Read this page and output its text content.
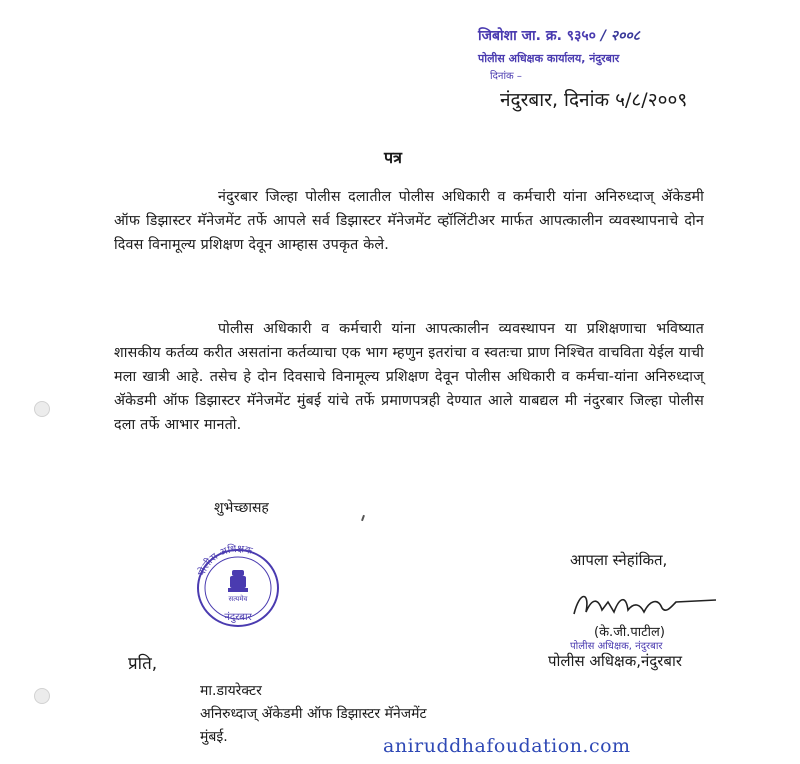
जिबोशा जा. क्र. ९३५० / २००८
पोलीस अधिक्षक कार्यालय, नंदुरबार
दिनांक –
नंदुरबार, दिनांक ५/८/२००९
पत्र
नंदुरबार जिल्हा पोलीस दलातील पोलीस अधिकारी व कर्मचारी यांना अनिरुध्दाज् ॲकेडमी ऑफ डिझास्टर मॅनेजमेंट तर्फे आपले सर्व डिझास्टर मॅनेजमेंट व्हॉलिंटीअर मार्फत आपत्कालीन व्यवस्थापनाचे दोन दिवस विनामूल्य प्रशिक्षण देवून आम्हास उपकृत केले.
पोलीस अधिकारी व कर्मचारी यांना आपत्कालीन व्यवस्थापन या प्रशिक्षणाचा भविष्यात शासकीय कर्तव्य करीत असतांना कर्तव्याचा एक भाग म्हणुन इतरांचा व स्वतःचा प्राण निश्चित वाचविता येईल याची मला खात्री आहे. तसेच हे दोन दिवसाचे विनामूल्य प्रशिक्षण देवून पोलीस अधिकारी व कर्मचा-यांना अनिरुध्दाज् ॲकेडमी ऑफ डिझास्टर मॅनेजमेंट मुंबई यांचे तर्फे प्रमाणपत्रही देण्यात आले याबद्यल मी नंदुरबार जिल्हा पोलीस दला तर्फे आभार मानतो.
शुभेच्छासह
पोलीस अधिक्षक
सत्यमेव
नंदुरबार
आपला स्नेहांकित,
(के.जी.पाटील)
पोलीस अधिक्षक, नंदुरबार
पोलीस अधिक्षक,नंदुरबार
प्रति,
मा.डायरेक्टर
अनिरुध्दाज् ॲकेडमी ऑफ डिझास्टर मॅनेजमेंट
मुंबई.	aniruddhafoudation.com
